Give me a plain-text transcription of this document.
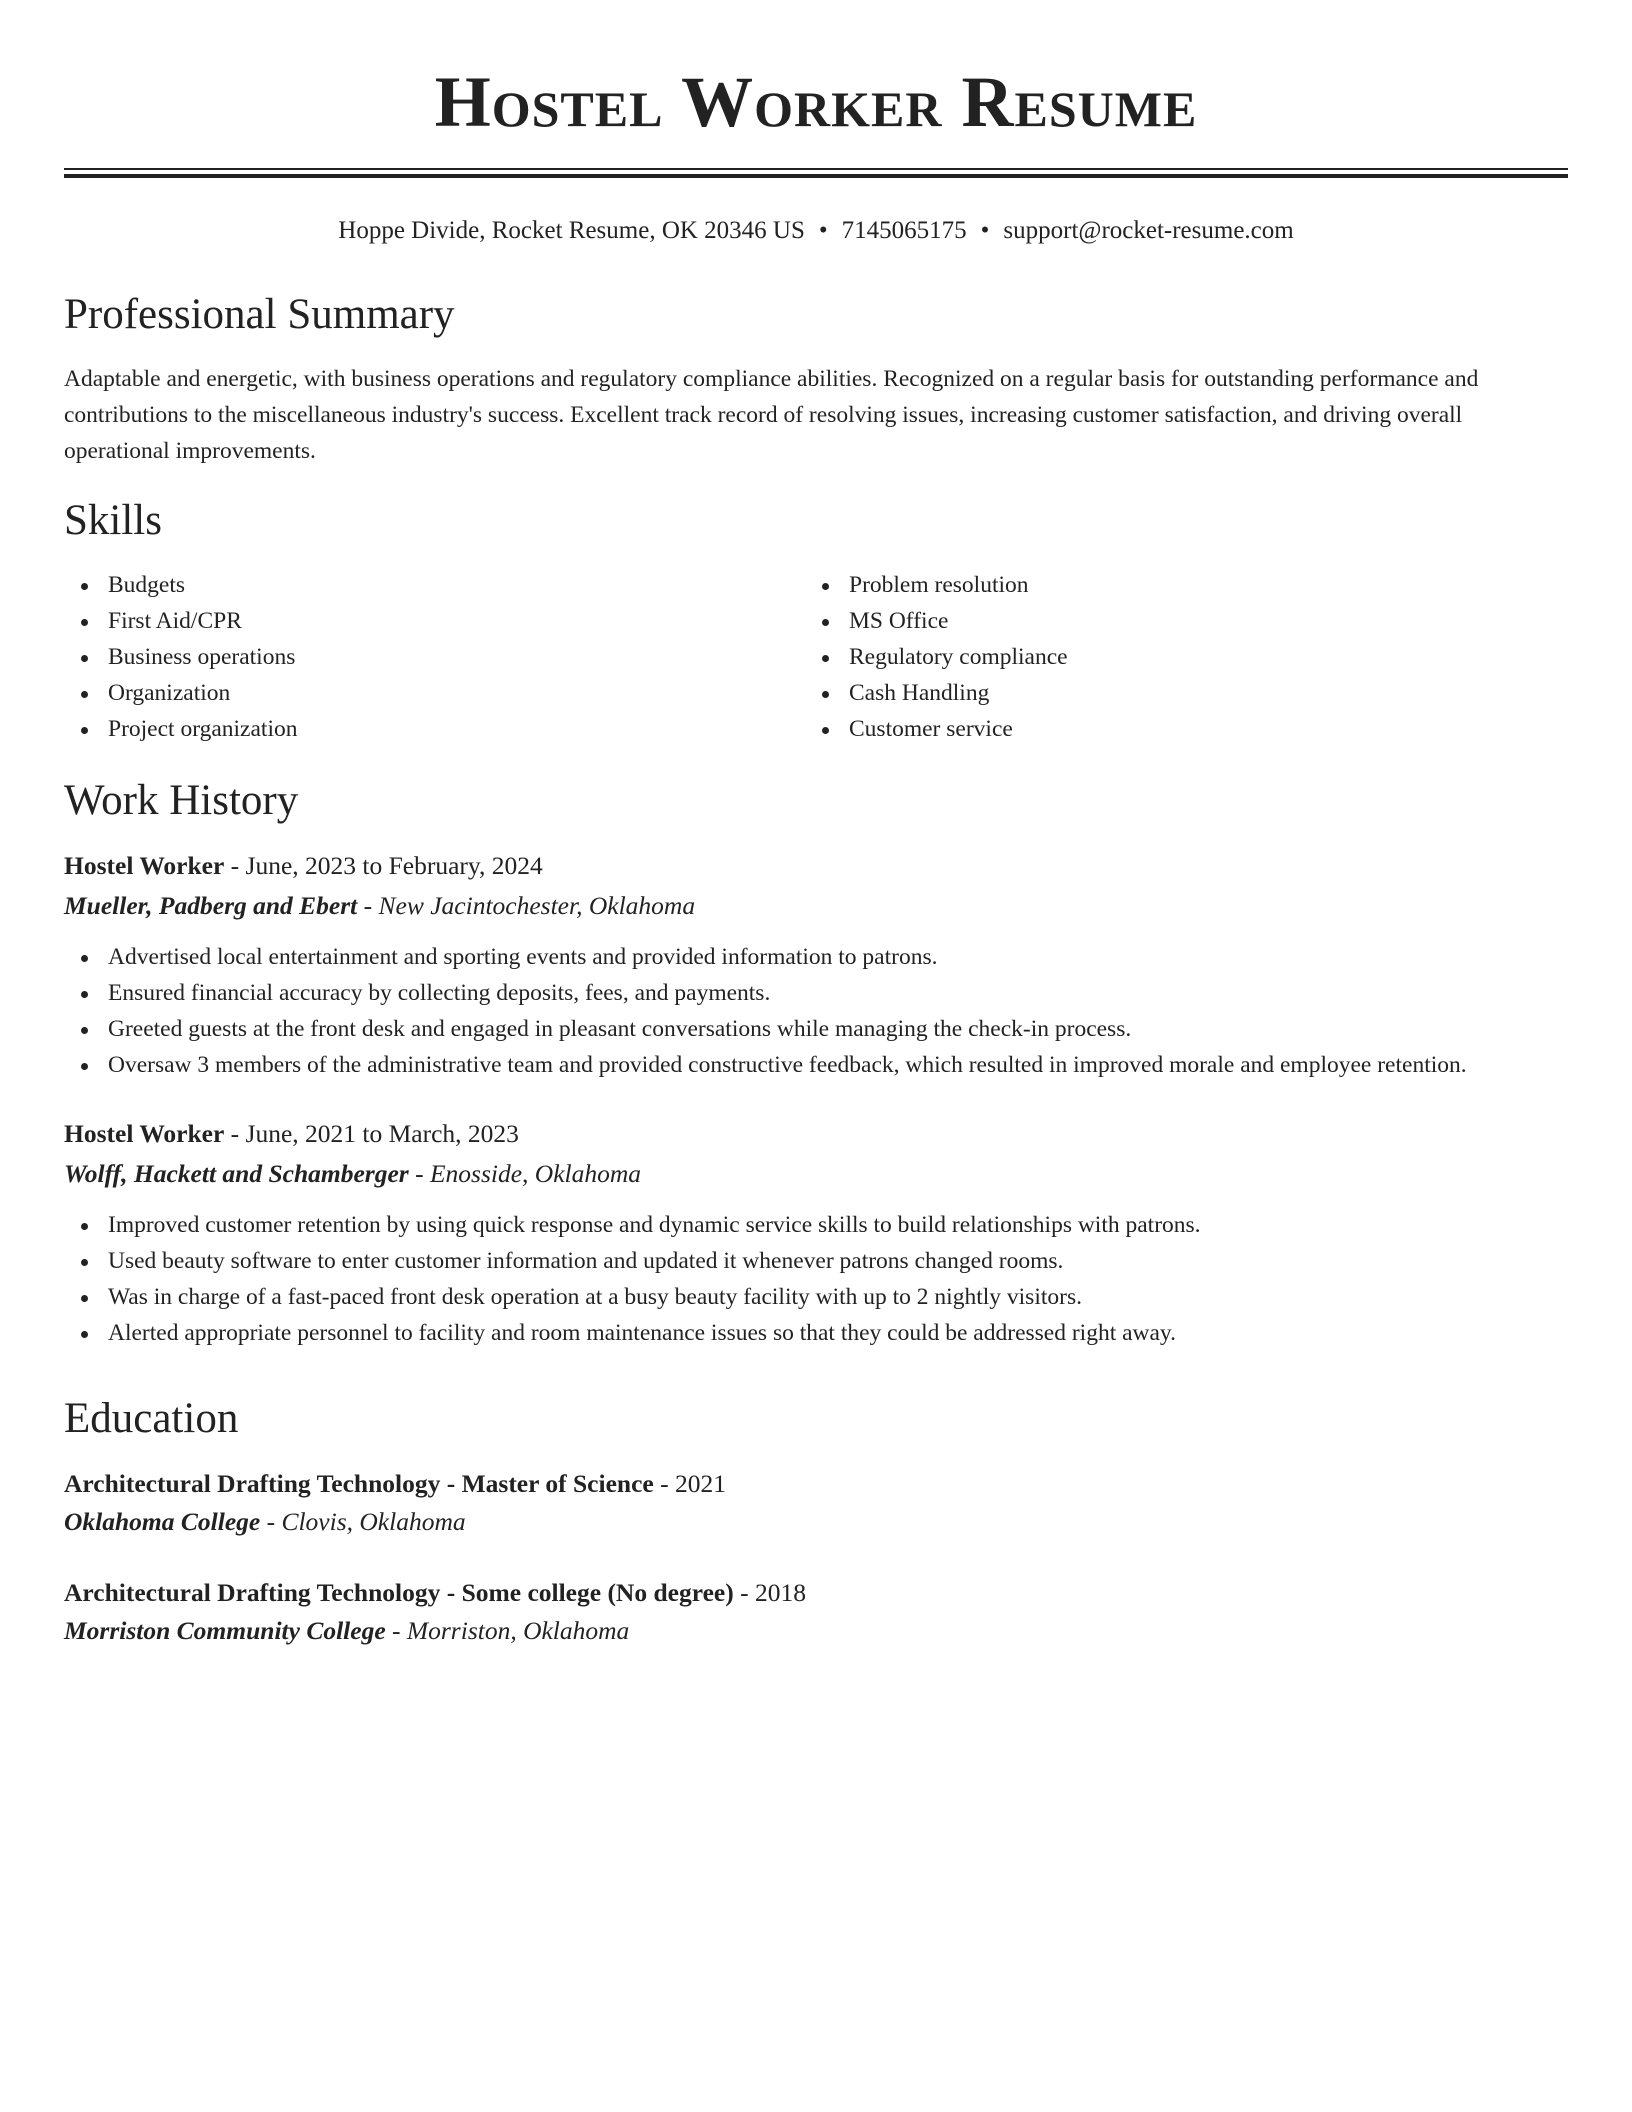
Hostel Worker Resume
Hoppe Divide, Rocket Resume, OK 20346 US • 7145065175 • support@rocket-resume.com
Professional Summary

Adaptable and energetic, with business operations and regulatory compliance abilities. Recognized on a regular basis for outstanding performance and contributions to the miscellaneous industry's success. Excellent track record of resolving issues, increasing customer satisfaction, and driving overall operational improvements.

Skills
Budgets
First Aid/CPR
Business operations
Organization
Project organization
Problem resolution
MS Office
Regulatory compliance
Cash Handling
Customer service
Work History
Hostel Worker - June, 2023 to February, 2024
Mueller, Padberg and Ebert - New Jacintochester, Oklahoma
Advertised local entertainment and sporting events and provided information to patrons.
Ensured financial accuracy by collecting deposits, fees, and payments.
Greeted guests at the front desk and engaged in pleasant conversations while managing the check-in process.
Oversaw 3 members of the administrative team and provided constructive feedback, which resulted in improved morale and employee retention.
Hostel Worker - June, 2021 to March, 2023
Wolff, Hackett and Schamberger - Enosside, Oklahoma
Improved customer retention by using quick response and dynamic service skills to build relationships with patrons.
Used beauty software to enter customer information and updated it whenever patrons changed rooms.
Was in charge of a fast-paced front desk operation at a busy beauty facility with up to 2 nightly visitors.
Alerted appropriate personnel to facility and room maintenance issues so that they could be addressed right away.
Education
Architectural Drafting Technology - Master of Science - 2021
Oklahoma College - Clovis, Oklahoma
Architectural Drafting Technology - Some college (No degree) - 2018
Morriston Community College - Morriston, Oklahoma
